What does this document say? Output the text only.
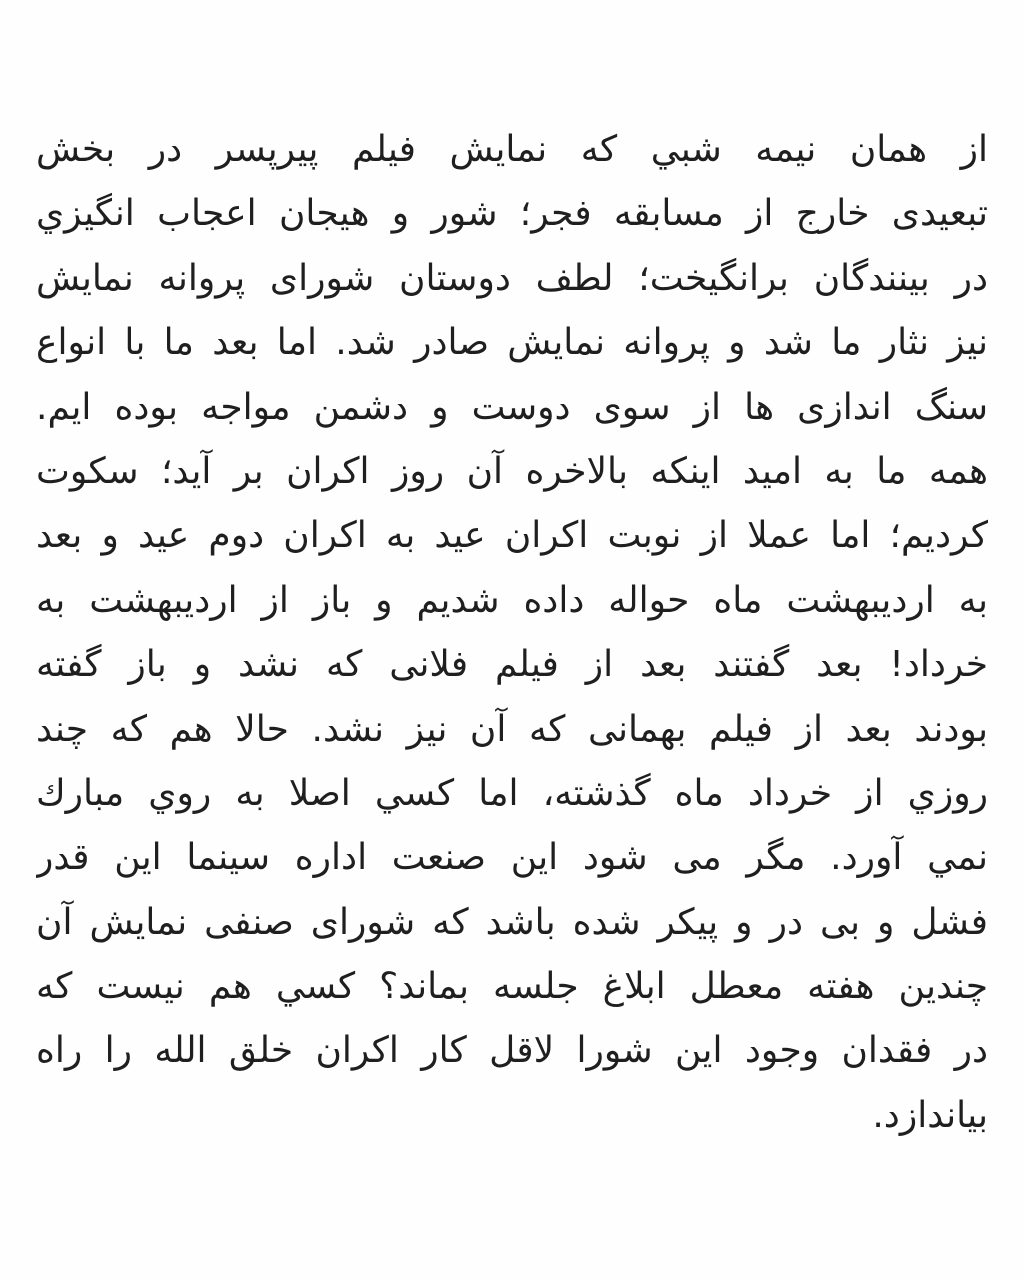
از همان نیمه شبي که نمایش فیلم پیرپسر در بخش
تبعیدی خارج از مسابقه فجر؛ شور و هیجان اعجاب انگیزي
در بینندگان برانگیخت؛ لطف دوستان شورای پروانه نمایش
نیز نثار ما شد و پروانه نمایش صادر شد. اما بعد ما با انواع
سنگ اندازی ها از سوی دوست و دشمن مواجه بوده ایم.
همه ما به امید اینکه بالاخره آن روز اکران بر آید؛ سکوت
کردیم؛ اما عملا از نوبت اکران عید به اکران دوم عید و بعد
به اردیبهشت ماه حواله داده شدیم و باز از اردیبهشت به
خرداد! بعد گفتند بعد از فیلم فلانی که نشد و باز گفته
بودند بعد از فیلم بهمانی که آن نیز نشد. حالا هم که چند
روزي از خرداد ماه گذشته، اما کسي اصلا به روي مبارك
نمي آورد. مگر می شود این صنعت اداره سینما این قدر
فشل و بی در و پیکر شده باشد که شورای صنفی نمایش آن
چندین هفته معطل ابلاغ جلسه بماند؟ کسي هم نیست که
در فقدان وجود این شورا لاقل کار اکران خلق الله را راه
بیاندازد.
